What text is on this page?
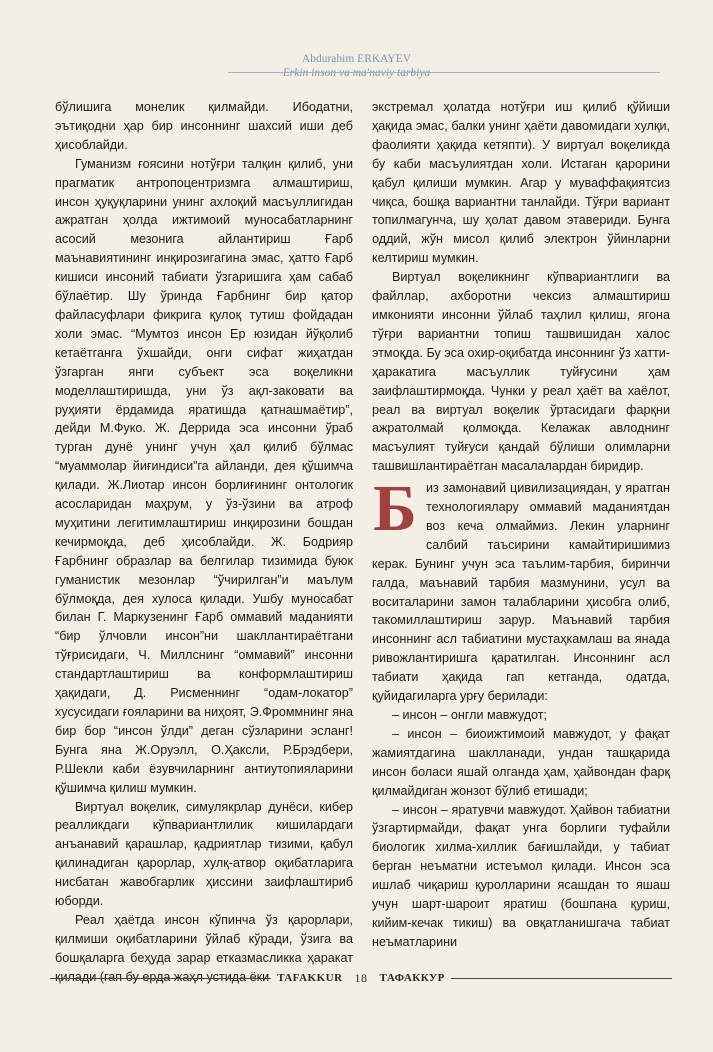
Abdurahim ERKAYEV
Erkin inson va ma'naviy tarbiya

бўлишига монелик қилмайди. Ибодатни, эътиқодни ҳар бир инсоннинг шахсий иши деб ҳисоблайди.

Гуманизм ғоясини нотўғри талқин қилиб, уни прагматик антропоцентризмга алмаштириш, инсон ҳуқуқларини унинг ахлоқий масъуллигидан ажратган ҳолда ижтимоий муносабатларнинг асосий мезонига айлантириш Ғарб маънавиятининг инқирозигагина эмас, ҳатто Ғарб кишиси инсоний табиати ўзгаришига ҳам сабаб бўлаётир. Шу ўринда Ғарбнинг бир қатор файласуфлари фикрига қулоқ тутиш фойдадан холи эмас. “Мумтоз инсон Ер юзидан йўқолиб кетаётганга ўхшайди, онги сифат жиҳатдан ўзгарган янги субъект эса воқеликни моделлаштиришда, уни ўз ақл-заковати ва руҳияти ёрдамида яратишда қатнашмаётир”, дейди М.Фуко. Ж. Деррида эса инсонни ўраб турган дунё унинг учун ҳал қилиб бўлмас “муаммолар йиғиндиси”га айланди, дея қўшимча қилади. Ж.Лиотар инсон борлиғининг онтологик асосларидан маҳрум, у ўз-ўзини ва атроф муҳитини легитимлаштириш инқирозини бошдан кечирмоқда, деб ҳисоблайди. Ж. Бодрияр Ғарбнинг образлар ва белгилар тизимида буюк гуманистик мезонлар “ўчирилган”и маълум бўлмоқда, дея хулоса қилади. Ушбу муносабат билан Г. Маркузенинг Ғарб оммавий маданияти “бир ўлчовли инсон”ни шакллантираётгани тўғрисидаги, Ч. Миллснинг “оммавий” инсонни стандартлаштириш ва конформлаштириш ҳақидаги, Д. Рисменнинг “одам-локатор” хусусидаги ғояларини ва ниҳоят, Э.Фроммнинг яна бир бор “инсон ўлди” деган сўзларини эсланг! Бунга яна Ж.Оруэлл, О.Ҳаксли, Р.Брэдбери, Р.Шекли каби ёзувчиларнинг антиутопияларини қўшимча қилиш мумкин.

Виртуал воқелик, симулякрлар дунёси, кибер реалликдаги кўпвариантлилик кишилардаги анъанавий қарашлар, қадриятлар тизими, қабул қилинадиган қарорлар, хулқ-атвор оқибатларига нисбатан жавобгарлик ҳиссини заифлаштириб юборди.

Реал ҳаётда инсон кўпинча ўз қарорлари, қилмиши оқибатларини ўйлаб кўради, ўзига ва бошқаларга беҳуда зарар етказмасликка ҳаракат қилади (гап бу ерда жаҳл устида ёки

экстремал ҳолатда нотўғри иш қилиб қўйиши ҳақида эмас, балки унинг ҳаёти давомидаги хулқи, фаолияти ҳақида кетяпти). У виртуал воқеликда бу каби масъулиятдан холи. Истаган қарорини қабул қилиши мумкин. Агар у муваффақиятсиз чиқса, бошқа вариантни танлайди. Тўғри вариант топилмагунча, шу ҳолат давом этавериди. Бунга оддий, жўн мисол қилиб электрон ўйинларни келтириш мумкин.

Виртуал воқеликнинг кўпвариантлиги ва файллар, ахборотни чексиз алмаштириш имконияти инсонни ўйлаб таҳлил қилиш, ягона тўғри вариантни топиш ташвишидан халос этмоқда. Бу эса охир-оқибатда инсоннинг ўз хатти-ҳаракатига масъуллик туйғусини ҳам заифлаштирмоқда. Чунки у реал ҳаёт ва хаёлот, реал ва виртуал воқелик ўртасидаги фарқни ажратолмай қолмоқда. Келажак авлоднинг масъулият туйғуси қандай бўлиши олимларни ташвишлантираётган масалалардан биридир.

Б из замонавий цивилизациядан, у яратган технологиялару оммавий маданиятдан воз кеча олмаймиз. Лекин уларнинг салбий таъсирини камайтиришимиз керак. Бунинг учун эса таълим-тарбия, биринчи галда, маънавий тарбия мазмунини, усул ва воситаларини замон талабларини ҳисобга олиб, такомиллаштириш зарур. Маънавий тарбия инсоннинг асл табиатини мустаҳкамлаш ва янада ривожлантиришга қаратилган. Инсоннинг асл табиати ҳақида гап кетганда, одатда, қуйидагиларга урғу берилади:

– инсон – онгли мавжудот;

– инсон – биоижтимоий мавжудот, у фақат жамиятдагина шаклланади, ундан ташқарида инсон боласи яшай олганда ҳам, ҳайвондан фарқ қилмайдиган жонзот бўлиб етишади;

– инсон – яратувчи мавжудот. Ҳайвон табиатни ўзгартирмайди, фақат унга борлиги туфайли биологик хилма-хиллик бағишлайди, у табиат берган неъматни истеъмол қилади. Инсон эса ишлаб чиқариш қуролларини ясашдан то яшаш учун шарт-шароит яратиш (бошпана қуриш, кийим-кечак тикиш) ва овқатланишгача табиат неъматларини

TAFAKKUR	18	ТАФАККУР
